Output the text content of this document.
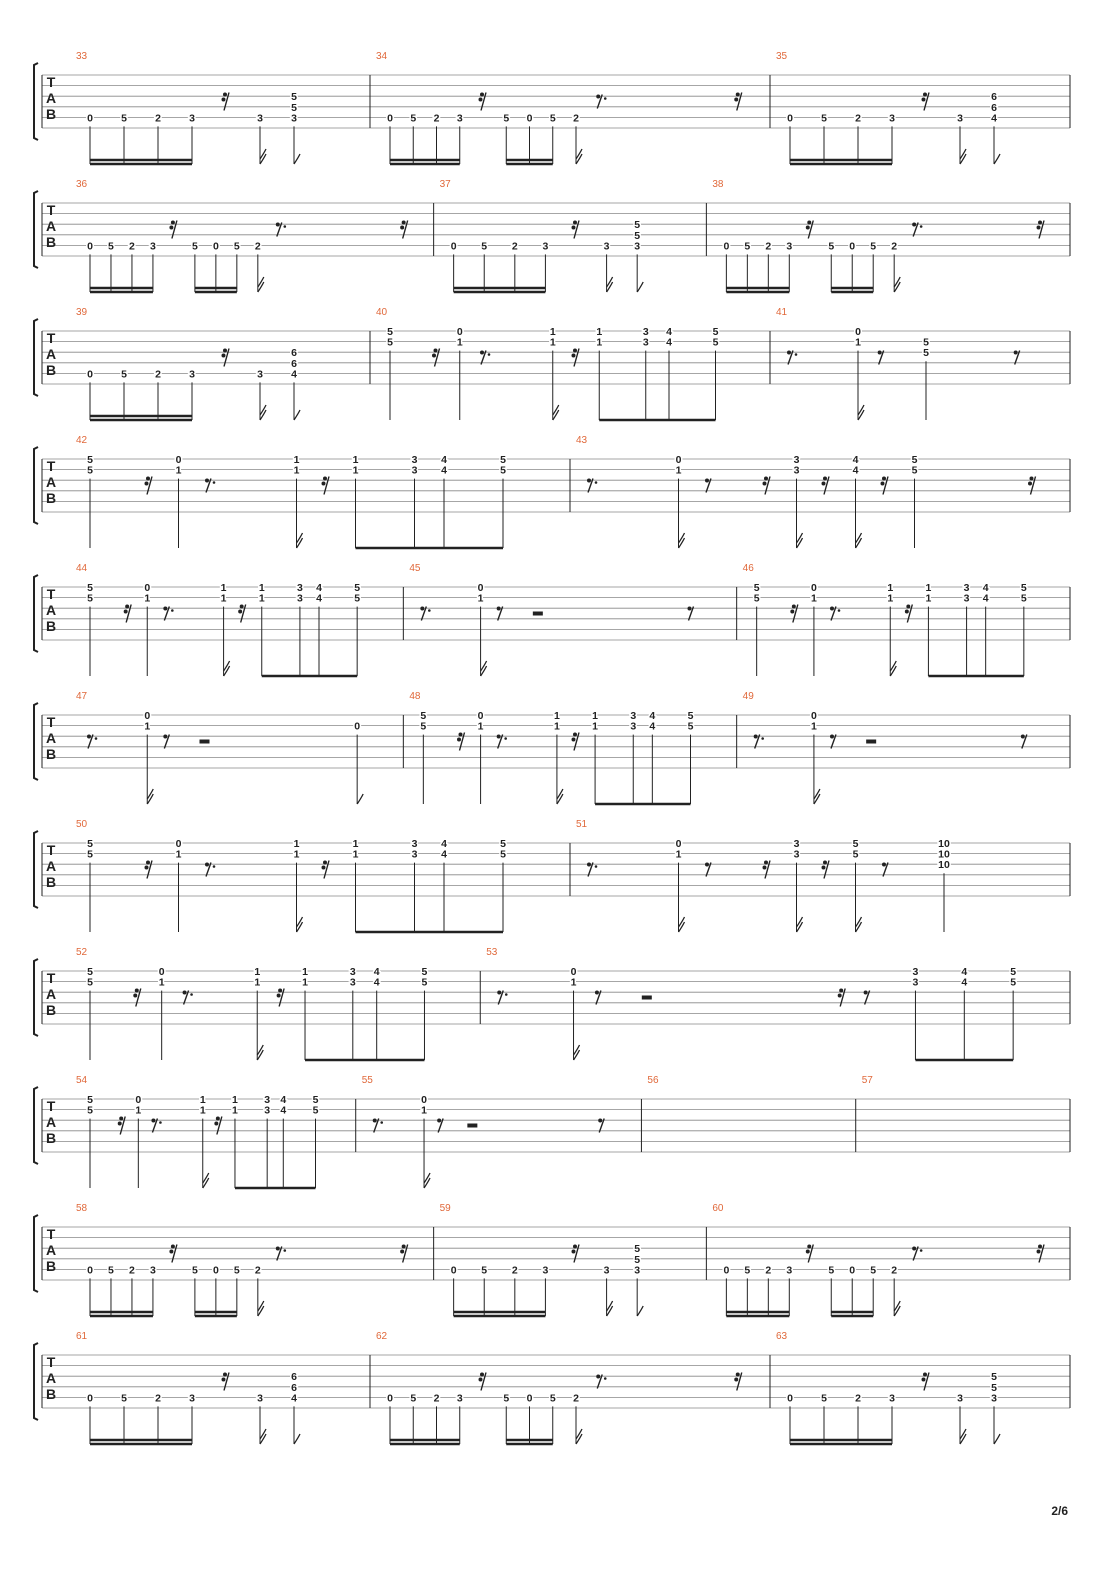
T
A
B
33
0	5	2	3	3
5
5
3
34
0 5 2 3	5 0 5 2
35
0	5	2	3	3
6
6
4
T
A
B
36
0 5 2 3	5 0 5 2
37
0 5 2 3	3
5
5
3
38
0 5 2 3	5 0 5 2
T
A
B
39
0	5	2	3	3
6
6
4
40
5
5
0
1
1
1
1
1
3
3
4
4
5
5
41
0
1	5
5
T
A
B
42
5
5
0
1
1
1
1
1
3
3
4
4
5
5
43
0
1
3
3
4
4
5
5
T
A
B
44
5
5
0
1
1
1
1
1
3
3
4
4
5
5
45
0
1
46
5
5
0
1
1
1
1
1
3
3
4
4
5
5
T
A
B
47
0
1	0
48
5
5
0
1
1
1
1
1
3
3
4
4
5
5
49
0
1
T
A
B
50
5
5
0
1
1
1
1
1
3
3
4
4
5
5
51
0
1
3
3
5
5
10
10
10
T
A
B
52
5
5
0
1
1
1
1
1
3
3
4
4
5
5
53
0
1
3
3
4
4
5
5
T
A
B
54
5
5
0
1
1
1
1
1
3
3
4
4
5
5
55
0
1
56	57
T
A
B
58
0 5 2 3	5 0 5 2
59
0 5 2 3	3
5
5
3
60
0 5 2 3	5 0 5 2
T
A
B
61
0	5	2	3	3
6
6
4
62
0 5 2 3	5 0 5 2
63
0	5	2	3	3
5
5
3
2/6
